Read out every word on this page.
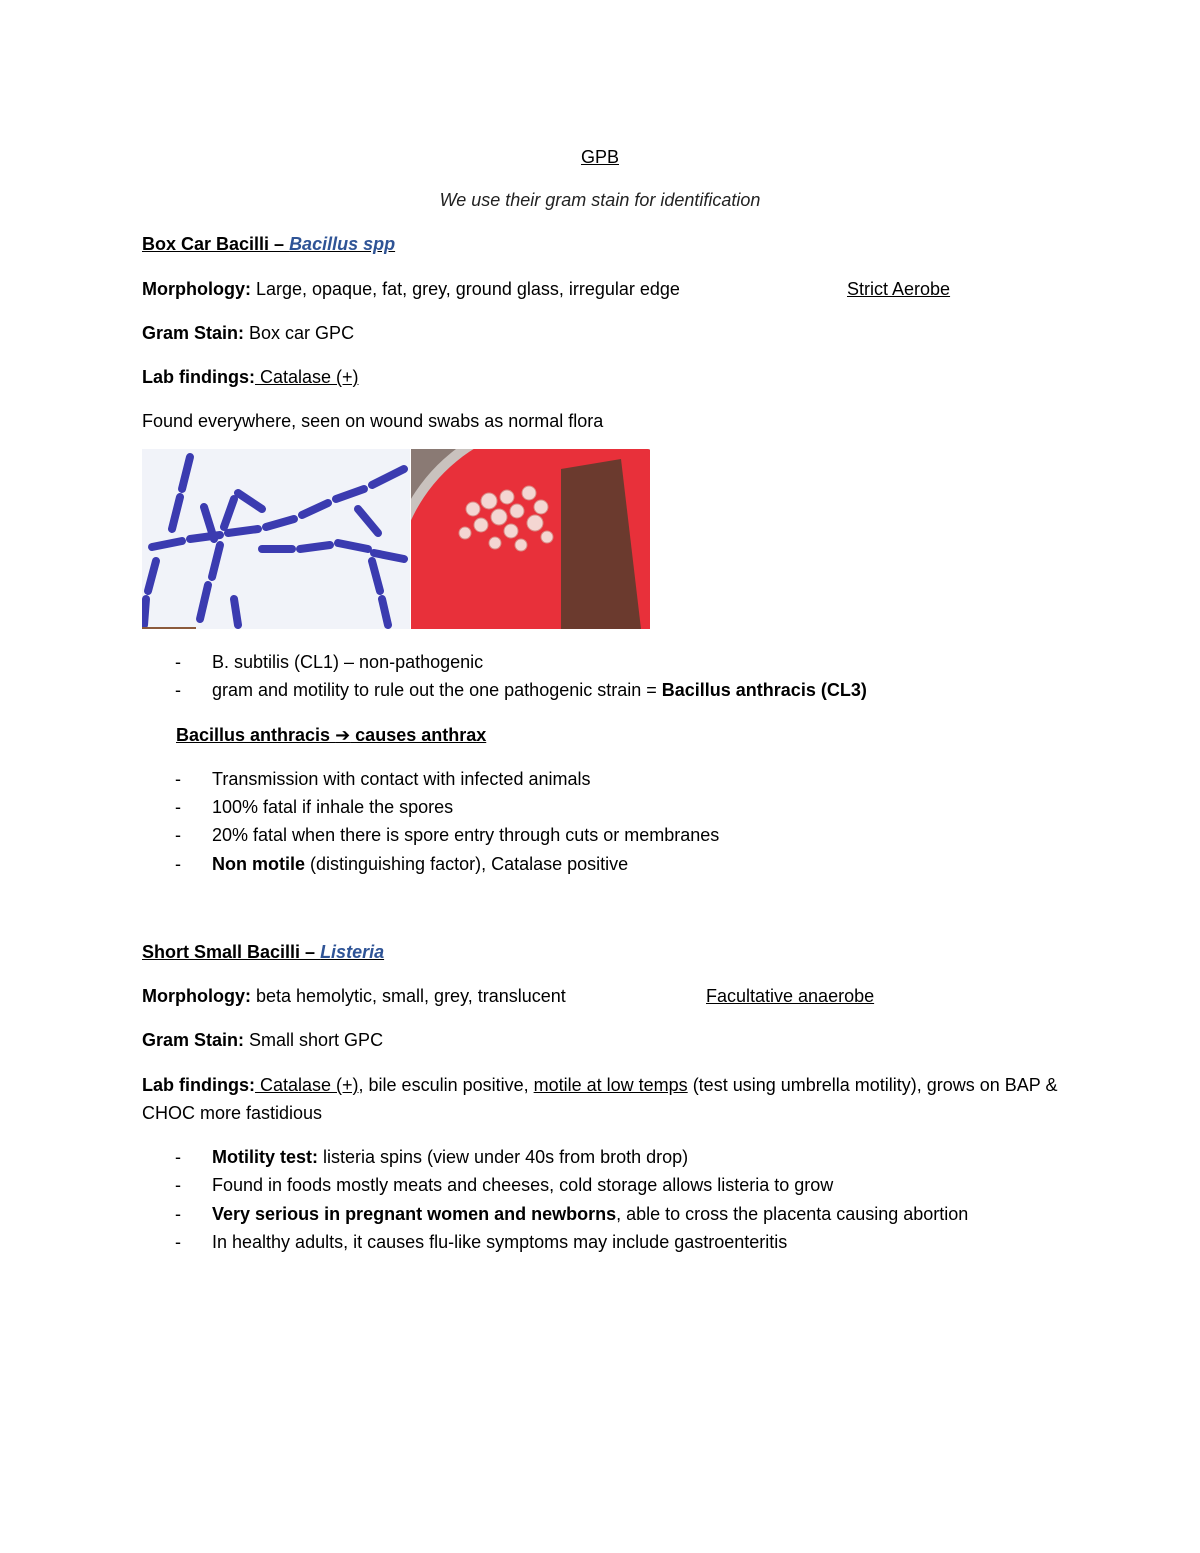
GPB
We use their gram stain for identification
Box Car Bacilli – Bacillus spp
Morphology: Large, opaque, fat, grey, ground glass, irregular edge	Strict Aerobe
Gram Stain: Box car GPC
Lab findings: Catalase (+)
Found everywhere, seen on wound swabs as normal flora
- B. subtilis (CL1) – non-pathogenic
- gram and motility to rule out the one pathogenic strain = Bacillus anthracis (CL3)
Bacillus anthracis ➔ causes anthrax
- Transmission with contact with infected animals
- 100% fatal if inhale the spores
- 20% fatal when there is spore entry through cuts or membranes
- Non motile (distinguishing factor), Catalase positive
Short Small Bacilli – Listeria
Morphology: beta hemolytic, small, grey, translucent	Facultative anaerobe
Gram Stain: Small short GPC
Lab findings: Catalase (+), bile esculin positive, motile at low temps (test using umbrella motility), grows on BAP & CHOC more fastidious
- Motility test: listeria spins (view under 40s from broth drop)
- Found in foods mostly meats and cheeses, cold storage allows listeria to grow
- Very serious in pregnant women and newborns, able to cross the placenta causing abortion
- In healthy adults, it causes flu-like symptoms may include gastroenteritis
